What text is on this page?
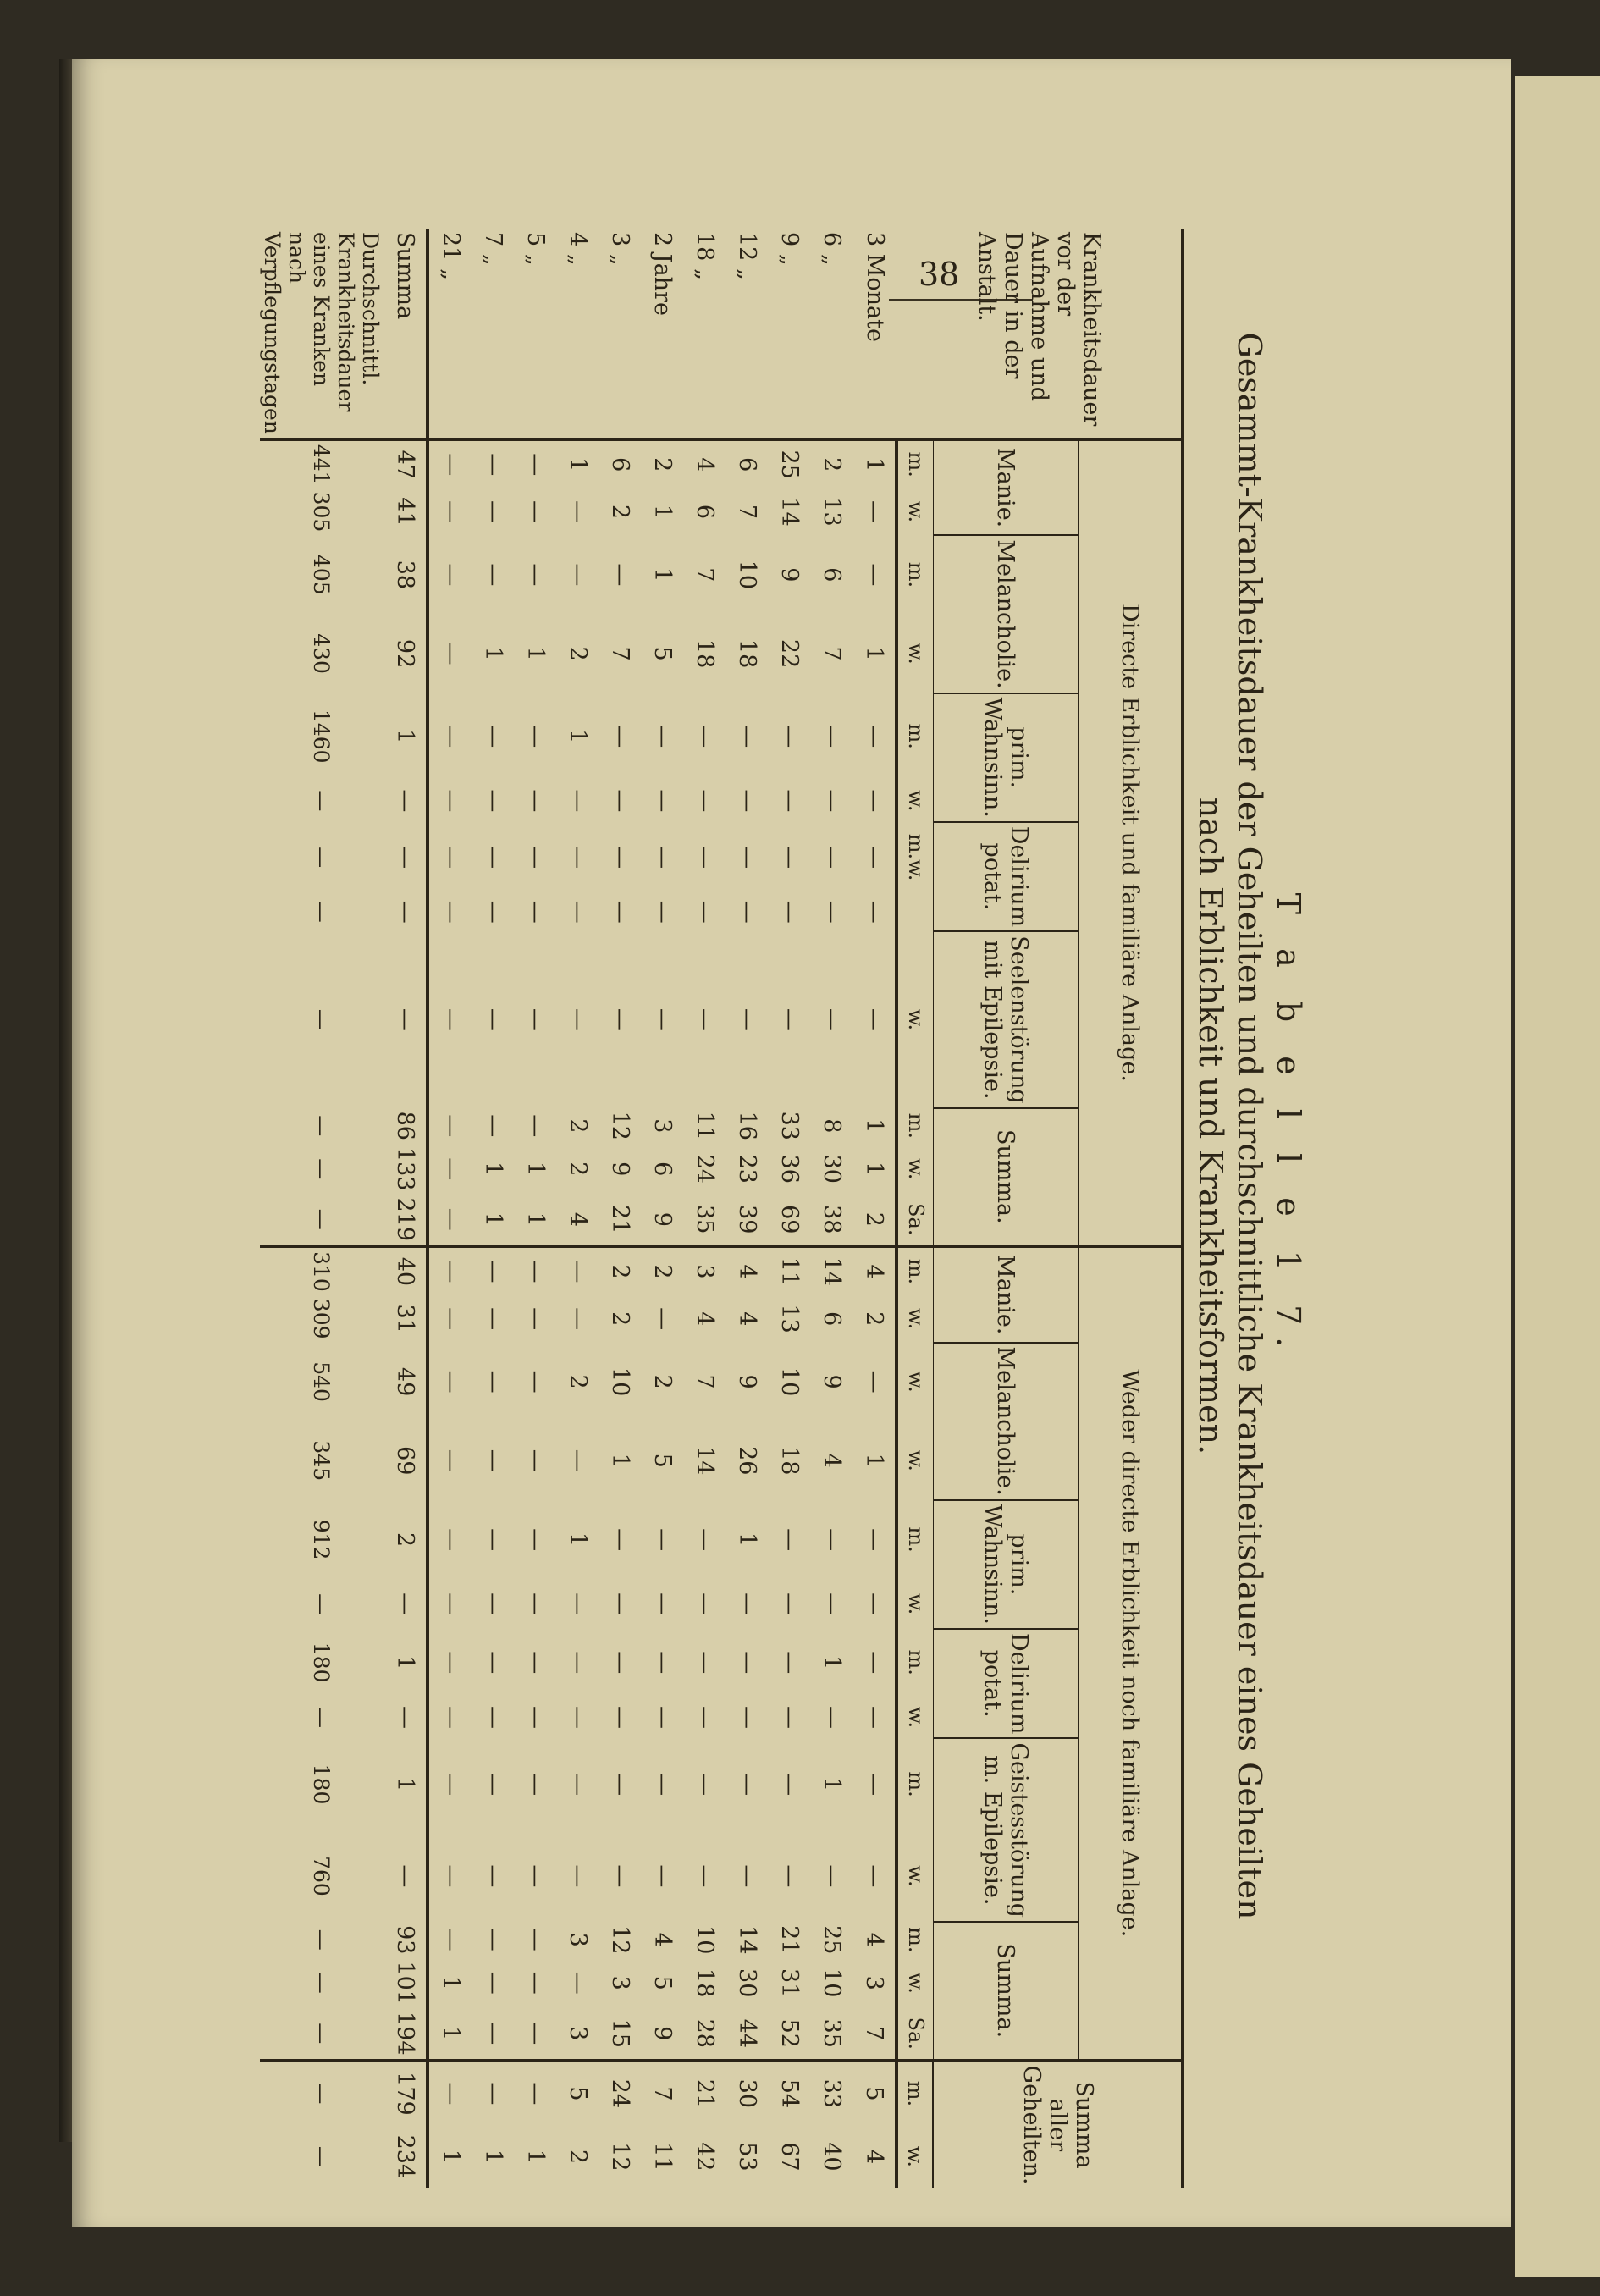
38
T a b e l l e 1 7.
Gesammt-Krankheitsdauer der Geheilten und durchschnittliche Krankheitsdauer eines Geheilten
nach Erblichkeit und Krankheitsformen.
Krankheitsdauer vor der Aufnahme und Dauer in der Anstalt.	Directe Erblichkeit und familiäre Anlage.												Weder directe Erblichkeit noch familiäre Anlage.													Summa aller Geheilten.	
	Manie.		Melancholie.		prim. Wahnsinn.		Delirium potat.		Seelenstörung mit Epilepsie.	Summa.			Manie.		Melancholie.		prim. Wahnsinn.		Delirium potat.		Geistesstörung m. Epilepsie.		Summa.				
	m.	w.	m.	w.	m.	w.	m.w.		w.	m.	w.	Sa.	m.	w.	w.	w.	m.	w.	m.	w.	m.	w.	m.	w.	Sa.	m.	w.
3 Monate	1	—	—	1	—	—	—	—	—	1	1	2	4	2	—	1	—	—	—	—	—	—	4	3	7	5	4
6 „	2	13	6	7	—	—	—	—	—	8	30	38	14	6	9	4	—	—	1	—	1	—	25	10	35	33	40
9 „	25	14	9	22	—	—	—	—	—	33	36	69	11	13	10	18	—	—	—	—	—	—	21	31	52	54	67
12 „	6	7	10	18	—	—	—	—	—	16	23	39	4	4	9	26	1	—	—	—	—	—	14	30	44	30	53
18 „	4	6	7	18	—	—	—	—	—	11	24	35	3	4	7	14	—	—	—	—	—	—	10	18	28	21	42
2 Jahre	2	1	1	5	—	—	—	—	—	3	6	9	2	—	2	5	—	—	—	—	—	—	4	5	9	7	11
3 „	6	2	—	7	—	—	—	—	—	12	9	21	2	2	10	1	—	—	—	—	—	—	12	3	15	24	12
4 „	1	—	—	2	1	—	—	—	—	2	2	4	—	—	2	—	1	—	—	—	—	—	3	—	3	5	2
5 „	—	—	—	1	—	—	—	—	—	—	1	1	—	—	—	—	—	—	—	—	—	—	—	—	—	—	1
7 „	—	—	—	1	—	—	—	—	—	—	1	1	—	—	—	—	—	—	—	—	—	—	—	—	—	—	1
21 „	—	—	—	—	—	—	—	—	—	—	—	—	—	—	—	—	—	—	—	—	—	—	—	1	1	—	1
Summa	47	41	38	92	1	—	—	—	—	86	133	219	40	31	49	69	2	—	1	—	1	—	93	101	194	179	234
Durchschnittl. Krankheitsdauer eines Kranken nach Verpflegungstagen	441	305	405	430	1460	—	—	—	—	—	—	—	310	309	540	345	912	—	180	—	180	760	—	—	—	—	—
